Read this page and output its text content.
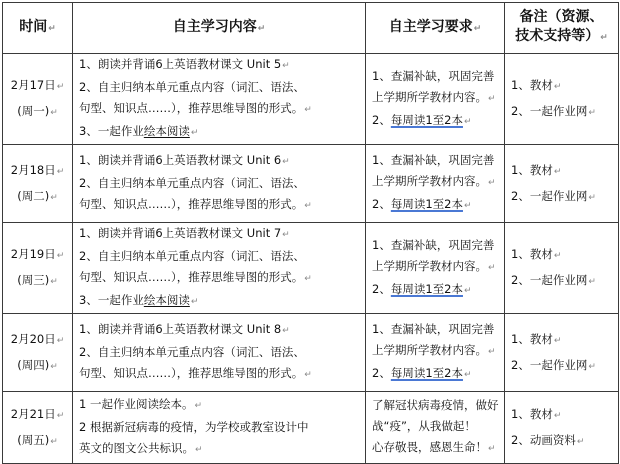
时间↵	自主学习内容↵	自主学习要求↵	备注（资源、
技术支持等）↵

2月17日↵
(周一)↵	1、朗读并背诵6上英语教材课文 Unit 5↵
2、自主归纳本单元重点内容（词汇、语法、
句型、知识点……），推荐思维导图的形式。↵
3、一起作业绘本阅读↵	1、查漏补缺，巩固完善
上学期所学教材内容。↵
2、每周读1至2本↵	1、教材↵
2、一起作业网↵

2月18日↵
(周二)↵	1、朗读并背诵6上英语教材课文 Unit 6↵
2、自主归纳本单元重点内容（词汇、语法、
句型、知识点……），推荐思维导图的形式。↵	1、查漏补缺，巩固完善
上学期所学教材内容。↵
2、每周读1至2本↵	1、教材↵
2、一起作业网↵

2月19日↵
(周三)↵	1、朗读并背诵6上英语教材课文 Unit 7↵
2、自主归纳本单元重点内容（词汇、语法、
句型、知识点……），推荐思维导图的形式。↵
3、一起作业绘本阅读↵	1、查漏补缺，巩固完善
上学期所学教材内容。↵
2、每周读1至2本↵	1、教材↵
2、一起作业网↵

2月20日↵
(周四)↵	1、朗读并背诵6上英语教材课文 Unit 8↵
2、自主归纳本单元重点内容（词汇、语法、
句型、知识点……），推荐思维导图的形式。↵	1、查漏补缺，巩固完善
上学期所学教材内容。↵
2、每周读1至2本↵	1、教材↵
2、一起作业网↵

2月21日↵
(周五)↵	1 一起作业阅读绘本。↵
2 根据新冠病毒的疫情，为学校或教室设计中
英文的图文公共标识。↵	了解冠状病毒疫情，做好
战“疫”，从我做起！
心存敬畏，感恩生命！↵	1、教材↵
2、动画资料↵
